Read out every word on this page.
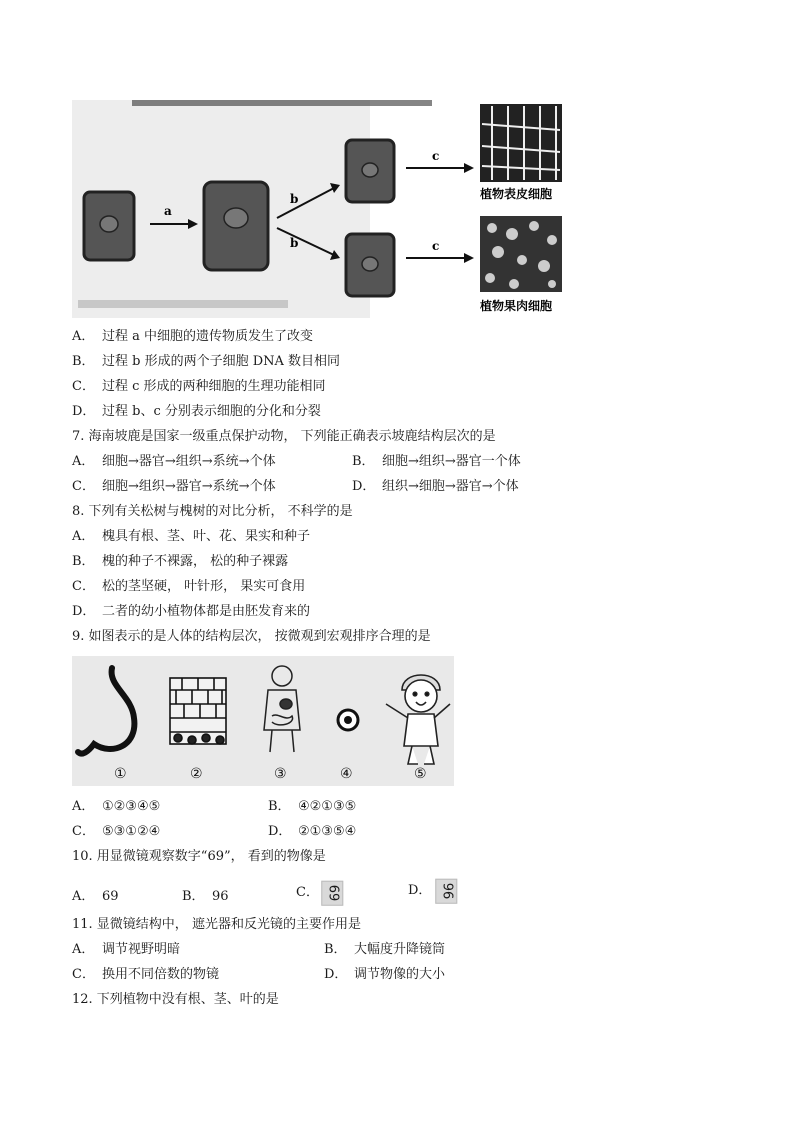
a
b
b
c
c
植物表皮细胞
植物果肉细胞
A． 过程 a 中细胞的遗传物质发生了改变
B． 过程 b 形成的两个子细胞 DNA 数目相同
C． 过程 c 形成的两种细胞的生理功能相同
D． 过程 b、c 分别表示细胞的分化和分裂
7. 海南坡鹿是国家一级重点保护动物， 下列能正确表示坡鹿结构层次的是
A． 细胞→器官→组织→系统→个体	B． 细胞→组织→器官一个体
C． 细胞→组织→器官→系统→个体	D． 组织→细胞→器官→个体
8. 下列有关松树与槐树的对比分析， 不科学的是
A． 槐具有根、茎、叶、花、果实和种子
B． 槐的种子不裸露， 松的种子裸露
C． 松的茎坚硬， 叶针形， 果实可食用
D． 二者的幼小植物体都是由胚发育来的
9. 如图表示的是人体的结构层次， 按微观到宏观排序合理的是
①	②	③	④	⑤
A． ①②③④⑤	B． ④②①③⑤
C． ⑤③①②④	D． ②①③⑤④
10. 用显微镜观察数字“69”， 看到的物像是
A． 69	B． 96	C． 69	D． 96
11. 显微镜结构中， 遮光器和反光镜的主要作用是
A． 调节视野明暗	B． 大幅度升降镜筒
C． 换用不同倍数的物镜	D． 调节物像的大小
12. 下列植物中没有根、茎、叶的是
